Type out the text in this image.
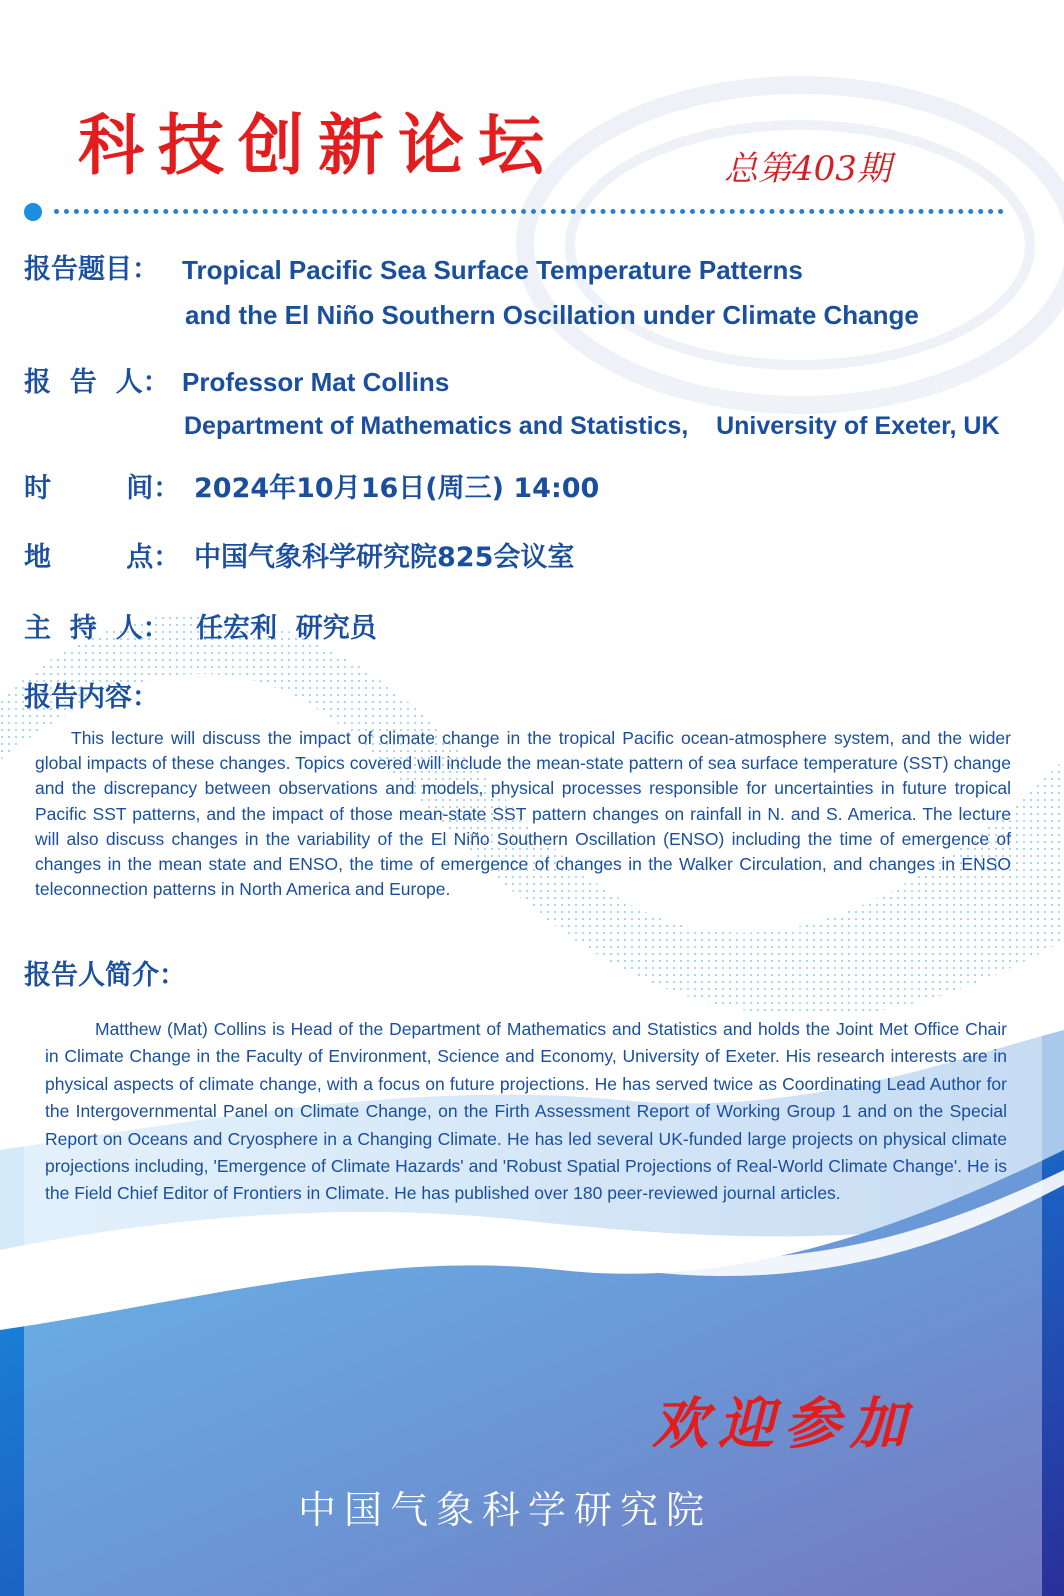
科技创新论坛	总第403期
报告题目： Tropical Pacific Sea Surface Temperature Patterns
and the El Niño Southern Oscillation under Climate Change
报  告  人： Professor Mat Collins
Department of Mathematics and Statistics,    University of Exeter, UK
时        间： 2024年10月16日(周三) 14:00
地        点： 中国气象科学研究院825会议室
主  持  人： 任宏利  研究员
报告内容：

This lecture will discuss the impact of climate change in the tropical Pacific ocean-atmosphere system, and the wider global impacts of these changes. Topics covered will include the mean-state pattern of sea surface temperature (SST) change and the discrepancy between observations and models, physical processes responsible for uncertainties in future tropical Pacific SST patterns, and the impact of those mean-state SST pattern changes on rainfall in N. and S. America. The lecture will also discuss changes in the variability of the El Niño Southern Oscillation (ENSO) including the time of emergence of changes in the mean state and ENSO, the time of emergence of changes in the Walker Circulation, and changes in ENSO teleconnection patterns in North America and Europe.

报告人简介：

Matthew (Mat) Collins is Head of the Department of Mathematics and Statistics and holds the Joint Met Office Chair in Climate Change in the Faculty of Environment, Science and Economy, University of Exeter. His research interests are in physical aspects of climate change, with a focus on future projections. He has served twice as Coordinating Lead Author for the Intergovernmental Panel on Climate Change, on the Firth Assessment Report of Working Group 1 and on the Special Report on Oceans and Cryosphere in a Changing Climate. He has led several UK-funded large projects on physical climate projections including, 'Emergence of Climate Hazards' and 'Robust Spatial Projections of Real-World Climate Change'. He is the Field Chief Editor of Frontiers in Climate. He has published over 180 peer-reviewed journal articles.

欢迎参加
中国气象科学研究院
